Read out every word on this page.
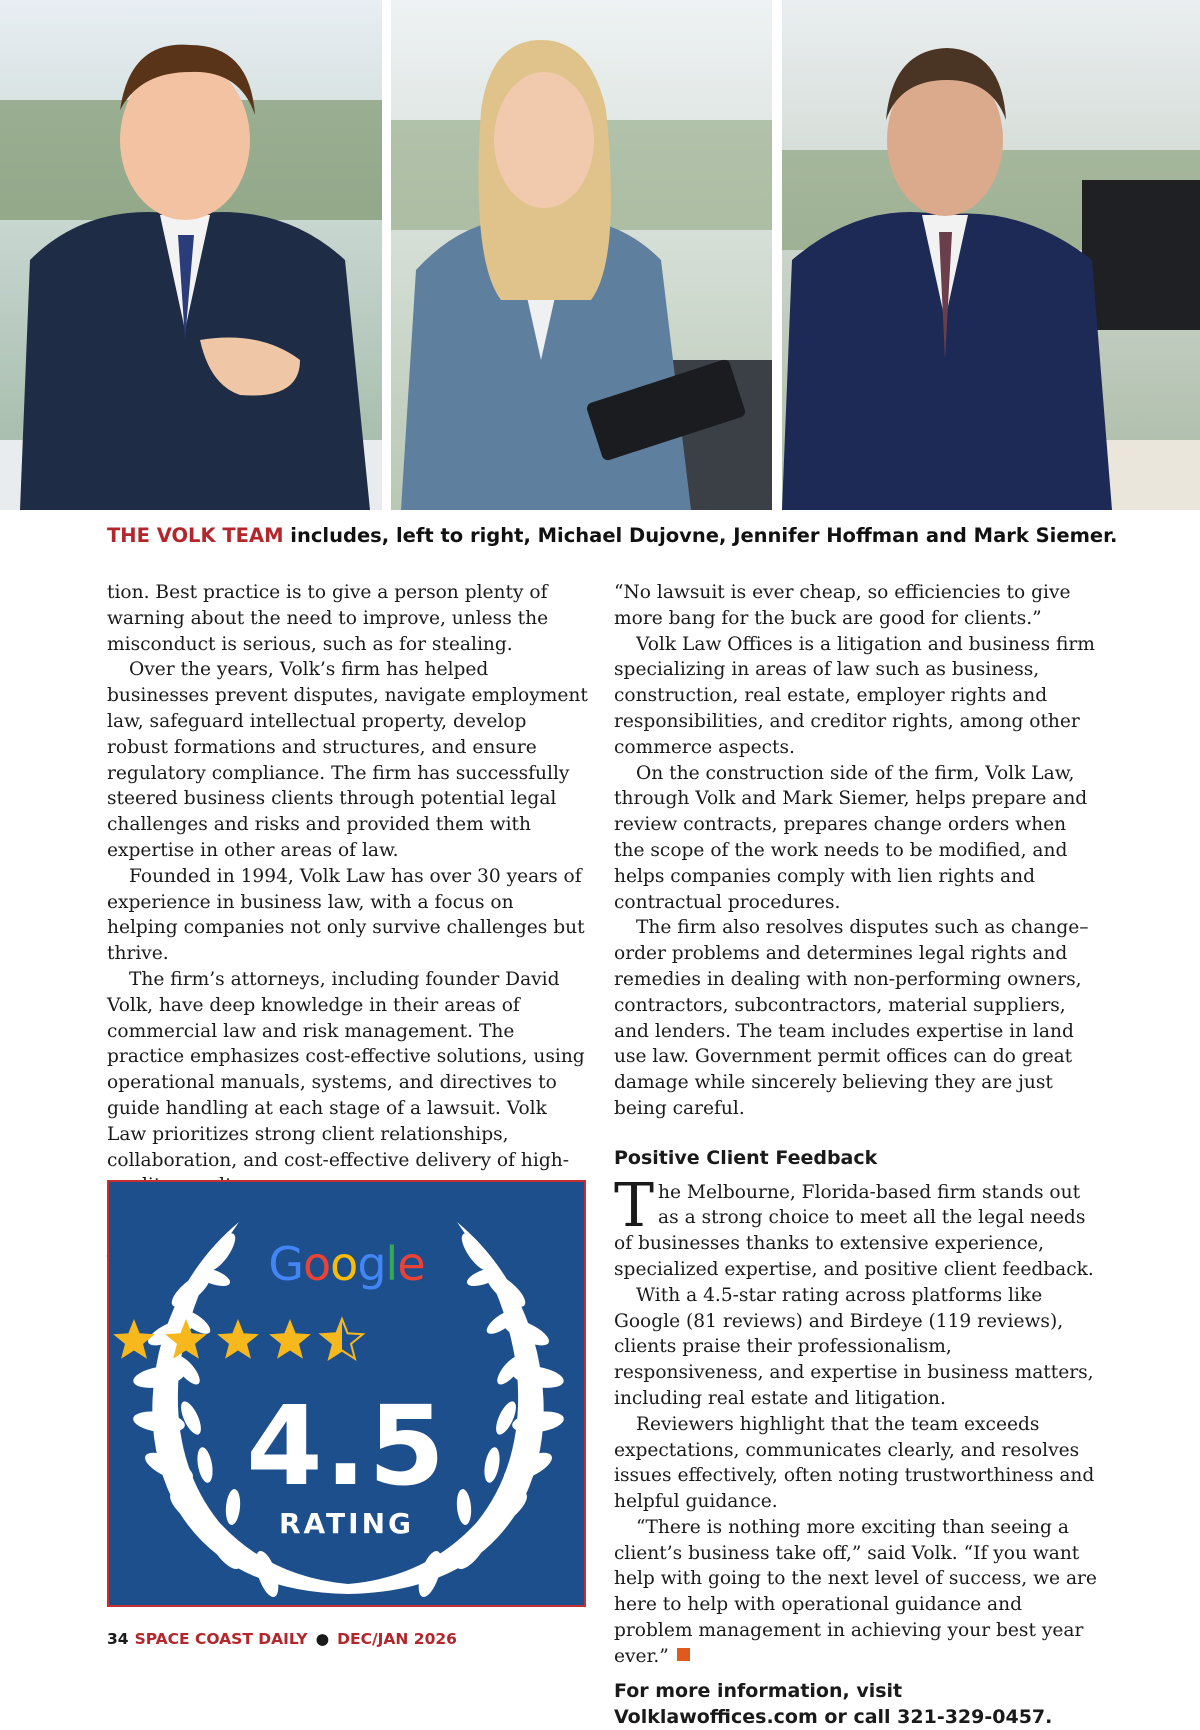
THE VOLK TEAM includes, left to right, Michael Dujovne, Jennifer Hoffman and Mark Siemer.

tion. Best practice is to give a person plenty of warning about the need to improve, unless the misconduct is serious, such as for stealing.

Over the years, Volk’s firm has helped businesses prevent disputes, navigate employment law, safeguard intellectual property, develop robust formations and structures, and ensure regulatory compliance. The firm has successfully steered business clients through potential legal challenges and risks and provided them with expertise in other areas of law.

Founded in 1994, Volk Law has over 30 years of experience in business law, with a focus on helping companies not only survive challenges but thrive.

The firm’s attorneys, including founder David Volk, have deep knowledge in their areas of commercial law and risk management. The practice emphasizes cost-effective solutions, using operational manuals, systems, and directives to guide handling at each stage of a lawsuit. Volk Law prioritizes strong client relationships, collaboration, and cost-effective delivery of high-

Google
4.5
RATING

“No lawsuit is ever cheap, so efficiencies to give more bang for the buck are good for clients.”

Volk Law Offices is a litigation and business firm specializing in areas of law such as business, construction, real estate, employer rights and responsibilities, and creditor rights, among other commerce aspects.

On the construction side of the firm, Volk Law, through Volk and Mark Siemer, helps prepare and review contracts, prepares change orders when the scope of the work needs to be modified, and helps companies comply with lien rights and contractual procedures.

The firm also resolves disputes such as change–order problems and determines legal rights and remedies in dealing with non-performing owners, contractors, subcontractors, material suppliers, and lenders. The team includes expertise in land use law. Government permit offices can do great damage while sincerely believing they are just being careful.

Positive Client Feedback

The Melbourne, Florida-based firm stands out as a strong choice to meet all the legal needs of businesses thanks to extensive experience, specialized expertise, and positive client feedback.

With a 4.5-star rating across platforms like Google (81 reviews) and Birdeye (119 reviews), clients praise their professionalism, responsiveness, and expertise in business matters, including real estate and litigation.

Reviewers highlight that the team exceeds expectations, communicates clearly, and resolves issues effectively, often noting trustworthiness and helpful guidance.

“There is nothing more exciting than seeing a client’s business take off,” said Volk. “If you want help with going to the next level of success, we are here to help with operational guidance and problem management in achieving your best year ever.”

For more information, visit Volklawoffices.com or call 321-329-0457.
34 SPACE COAST DAILY ● DEC/JAN 2026
